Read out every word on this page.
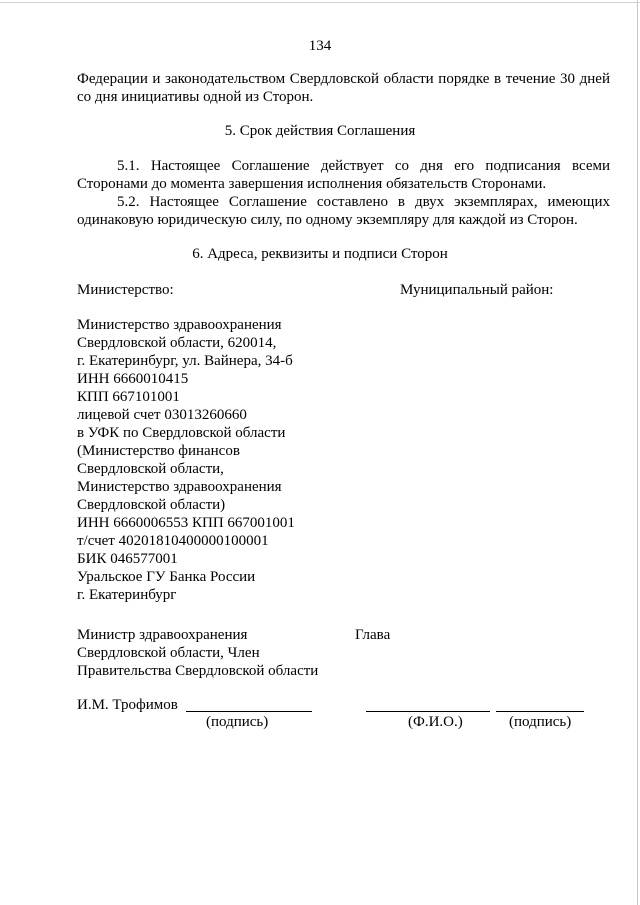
134
Федерации и законодательством Свердловской области порядке в течение 30 дней
со дня инициативы одной из Сторон.
5. Срок действия Соглашения
5.1. Настоящее Соглашение действует со дня его подписания всеми
Сторонами до момента завершения исполнения обязательств Сторонами.
5.2. Настоящее Соглашение составлено в двух экземплярах, имеющих
одинаковую юридическую силу, по одному экземпляру для каждой из Сторон.
6. Адреса, реквизиты и подписи Сторон
Министерство:	Муниципальный район:
Министерство здравоохранения
Свердловской области, 620014,
г. Екатеринбург, ул. Вайнера, 34-б
ИНН 6660010415
КПП 667101001
лицевой счет 03013260660
в УФК по Свердловской области
(Министерство финансов
Свердловской области,
Министерство здравоохранения
Свердловской области)
ИНН 6660006553 КПП 667001001
т/счет 40201810400000100001
БИК 046577001
Уральское ГУ Банка России
г. Екатеринбург
Министр здравоохранения
Свердловской области, Член
Правительства Свердловской области
Глава
И.М. Трофимов
(подпись)	(Ф.И.О.)	(подпись)
